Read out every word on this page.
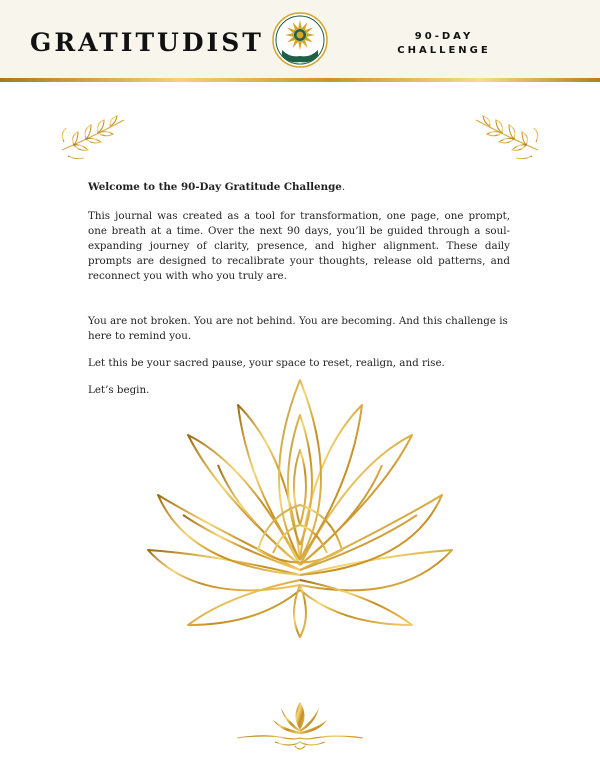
GRATITUDIST	90-DAY
CHALLENGE

Welcome to the 90-Day Gratitude Challenge.

This journal was created as a tool for transformation, one page, one prompt, one breath at a time. Over the next 90 days, you’ll be guided through a soul-expanding journey of clarity, presence, and higher alignment. These daily prompts are designed to recalibrate your thoughts, release old patterns, and reconnect you with who you truly are.

You are not broken. You are not behind. You are becoming. And this challenge is here to remind you.

Let this be your sacred pause, your space to reset, realign, and rise.

Let’s begin.
